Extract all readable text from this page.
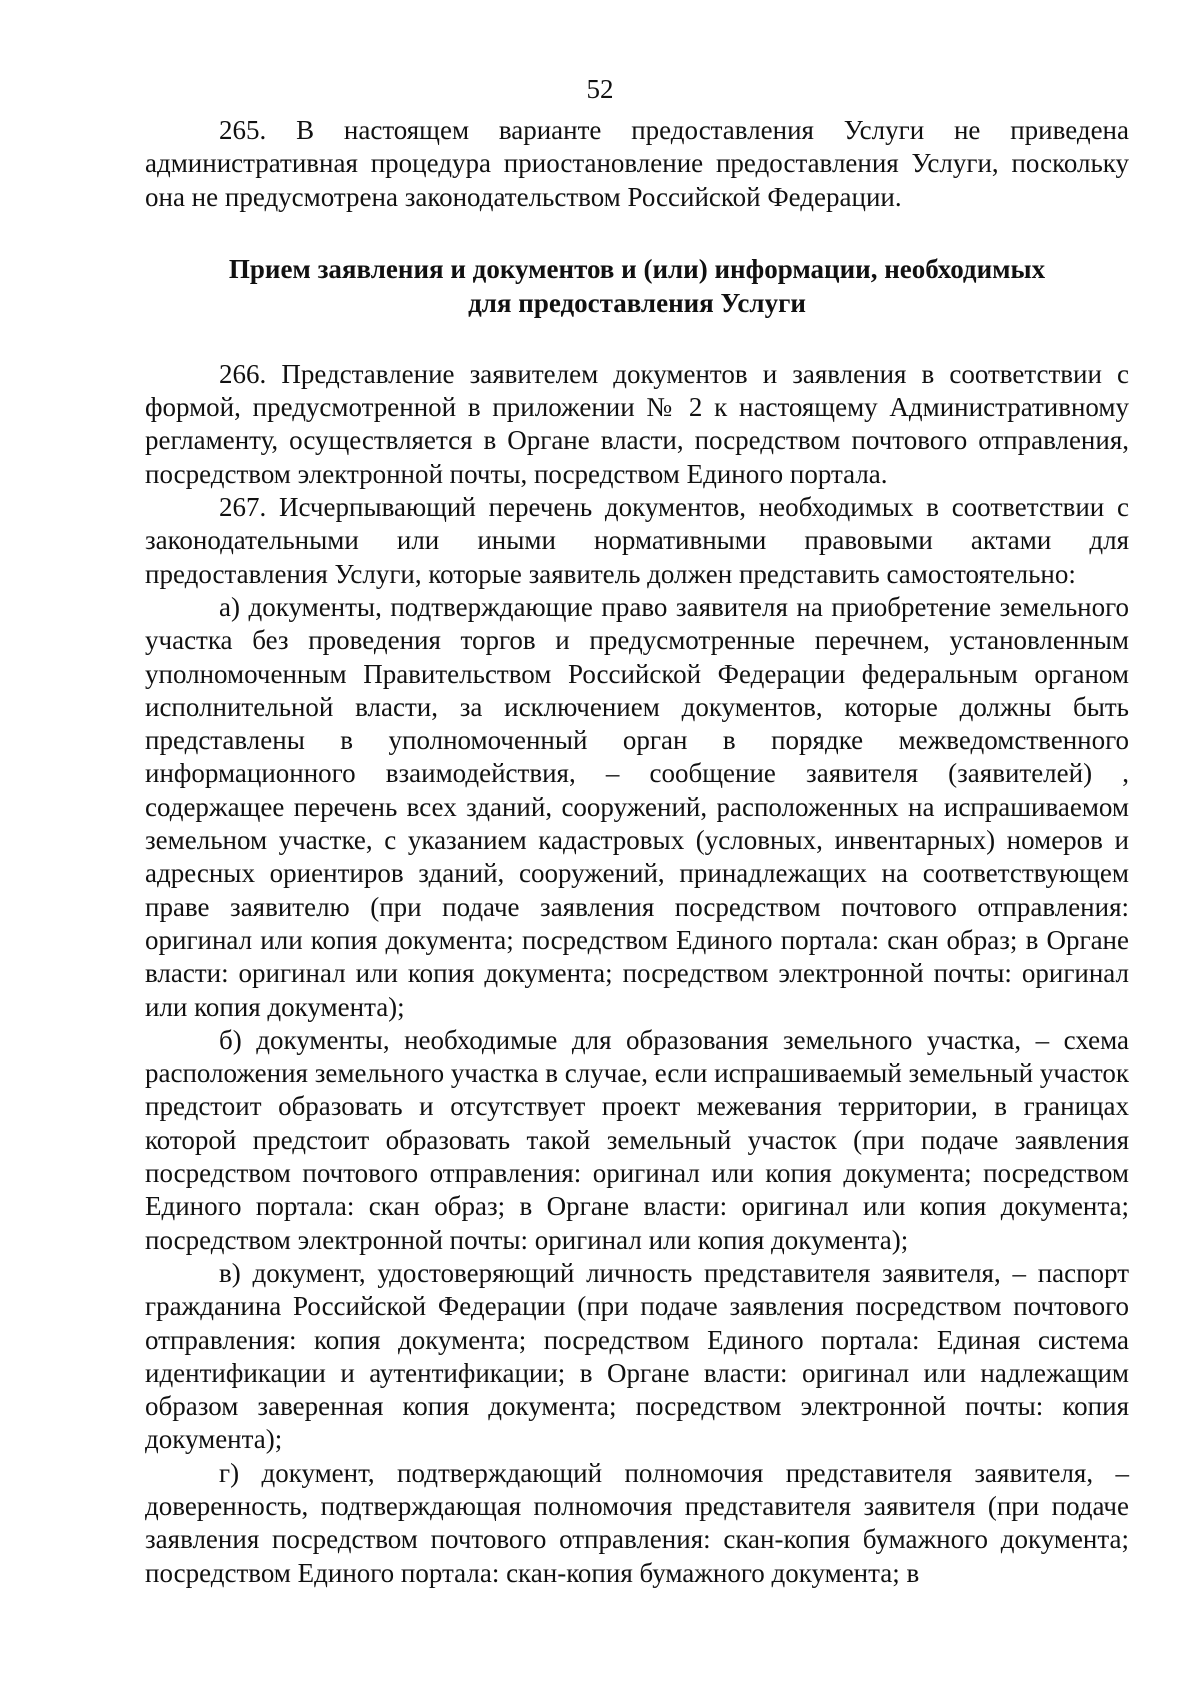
52

265. В настоящем варианте предоставления Услуги не приведена административная процедура приостановление предоставления Услуги, поскольку она не предусмотрена законодательством Российской Федерации.

Прием заявления и документов и (или) информации, необходимых
для предоставления Услуги

266. Представление заявителем документов и заявления в соответствии с формой, предусмотренной в приложении № 2 к настоящему Административному регламенту, осуществляется в Органе власти, посредством почтового отправления, посредством электронной почты, посредством Единого портала.

267. Исчерпывающий перечень документов, необходимых в соответствии с законодательными или иными нормативными правовыми актами для предоставления Услуги, которые заявитель должен представить самостоятельно:

а) документы, подтверждающие право заявителя на приобретение земельного участка без проведения торгов и предусмотренные перечнем, установленным уполномоченным Правительством Российской Федерации федеральным органом исполнительной власти, за исключением документов, которые должны быть представлены в уполномоченный орган в порядке межведомственного информационного взаимодействия, – сообщение заявителя (заявителей) , содержащее перечень всех зданий, сооружений, расположенных на испрашиваемом земельном участке, с указанием кадастровых (условных, инвентарных) номеров и адресных ориентиров зданий, сооружений, принадлежащих на соответствующем праве заявителю (при подаче заявления посредством почтового отправления: оригинал или копия документа; посредством Единого портала: скан образ; в Органе власти: оригинал или копия документа; посредством электронной почты: оригинал или копия документа);

б) документы, необходимые для образования земельного участка, – схема расположения земельного участка в случае, если испрашиваемый земельный участок предстоит образовать и отсутствует проект межевания территории, в границах которой предстоит образовать такой земельный участок (при подаче заявления посредством почтового отправления: оригинал или копия документа; посредством Единого портала: скан образ; в Органе власти: оригинал или копия документа; посредством электронной почты: оригинал или копия документа);

в) документ, удостоверяющий личность представителя заявителя, – паспорт гражданина Российской Федерации (при подаче заявления посредством почтового отправления: копия документа; посредством Единого портала: Единая система идентификации и аутентификации; в Органе власти: оригинал или надлежащим образом заверенная копия документа; посредством электронной почты: копия документа);

г) документ, подтверждающий полномочия представителя заявителя, – доверенность, подтверждающая полномочия представителя заявителя (при подаче заявления посредством почтового отправления: скан-копия бумажного документа; посредством Единого портала: скан-копия бумажного документа; в
